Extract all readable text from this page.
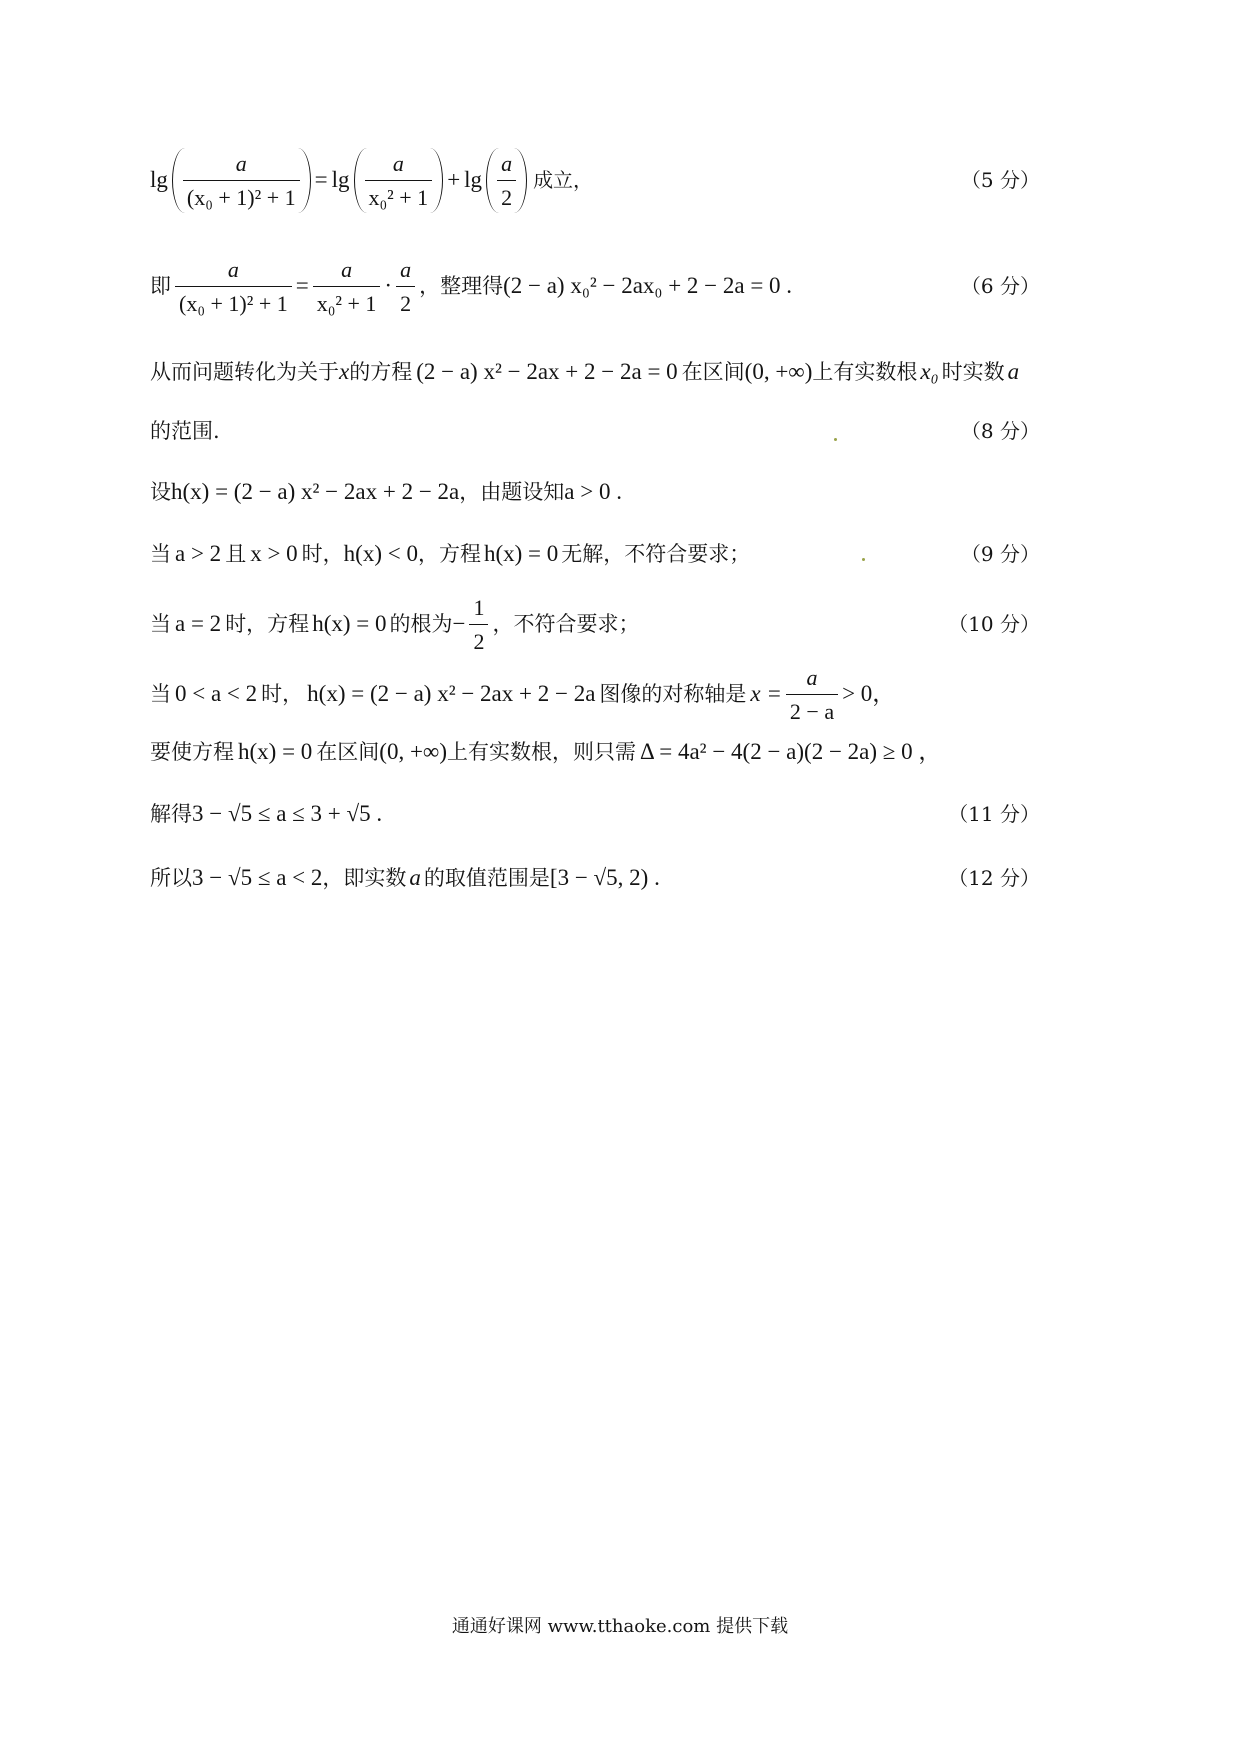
$\lg \frac{a}{\text{(x₀ + 1)² + 1}} = \lg \frac{a}{\text{x₀² + 1}} + \lg \frac{a}{2}$ 成立，	（5 分）
即 $\frac{a}{\text{(x₀ + 1)² + 1}} = \frac{a}{\text{x₀² + 1}} \cdot \frac{a}{2}$ ，整理得 (2 − a) x₀² − 2ax₀ + 2 − 2a = 0 .	（6 分）
从而问题转化为关于 x 的方程 (2 − a) x² − 2ax + 2 − 2a = 0 在区间 (0, +∞) 上有实数根 x₀ 时实数 a
的范围.	（8 分）
设 h(x) = (2 − a) x² − 2ax + 2 − 2a ，由题设知 a > 0 .
当 a > 2 且 x > 0 时， h(x) < 0 ，方程 h(x) = 0 无解，不符合要求；	（9 分）
当 a = 2 时，方程 h(x) = 0 的根为 − $\frac{1}{2}$ ，不符合要求；	（10 分）
当 0 < a < 2 时， h(x) = (2 − a) x² − 2ax + 2 − 2a 图像的对称轴是 $x = \frac{a}{2 - a} > 0$，
要使方程 h(x) = 0 在区间 (0, +∞) 上有实数根，则只需 Δ = 4a² − 4(2 − a)(2 − 2a) ≥ 0 ，
解得 3 − √5 ≤ a ≤ 3 + √5 .	（11 分）
所以 3 − √5 ≤ a < 2 ，即实数 a 的取值范围是 [3 − √5, 2) .	（12 分）
通通好课网 www.tthaoke.com 提供下载
